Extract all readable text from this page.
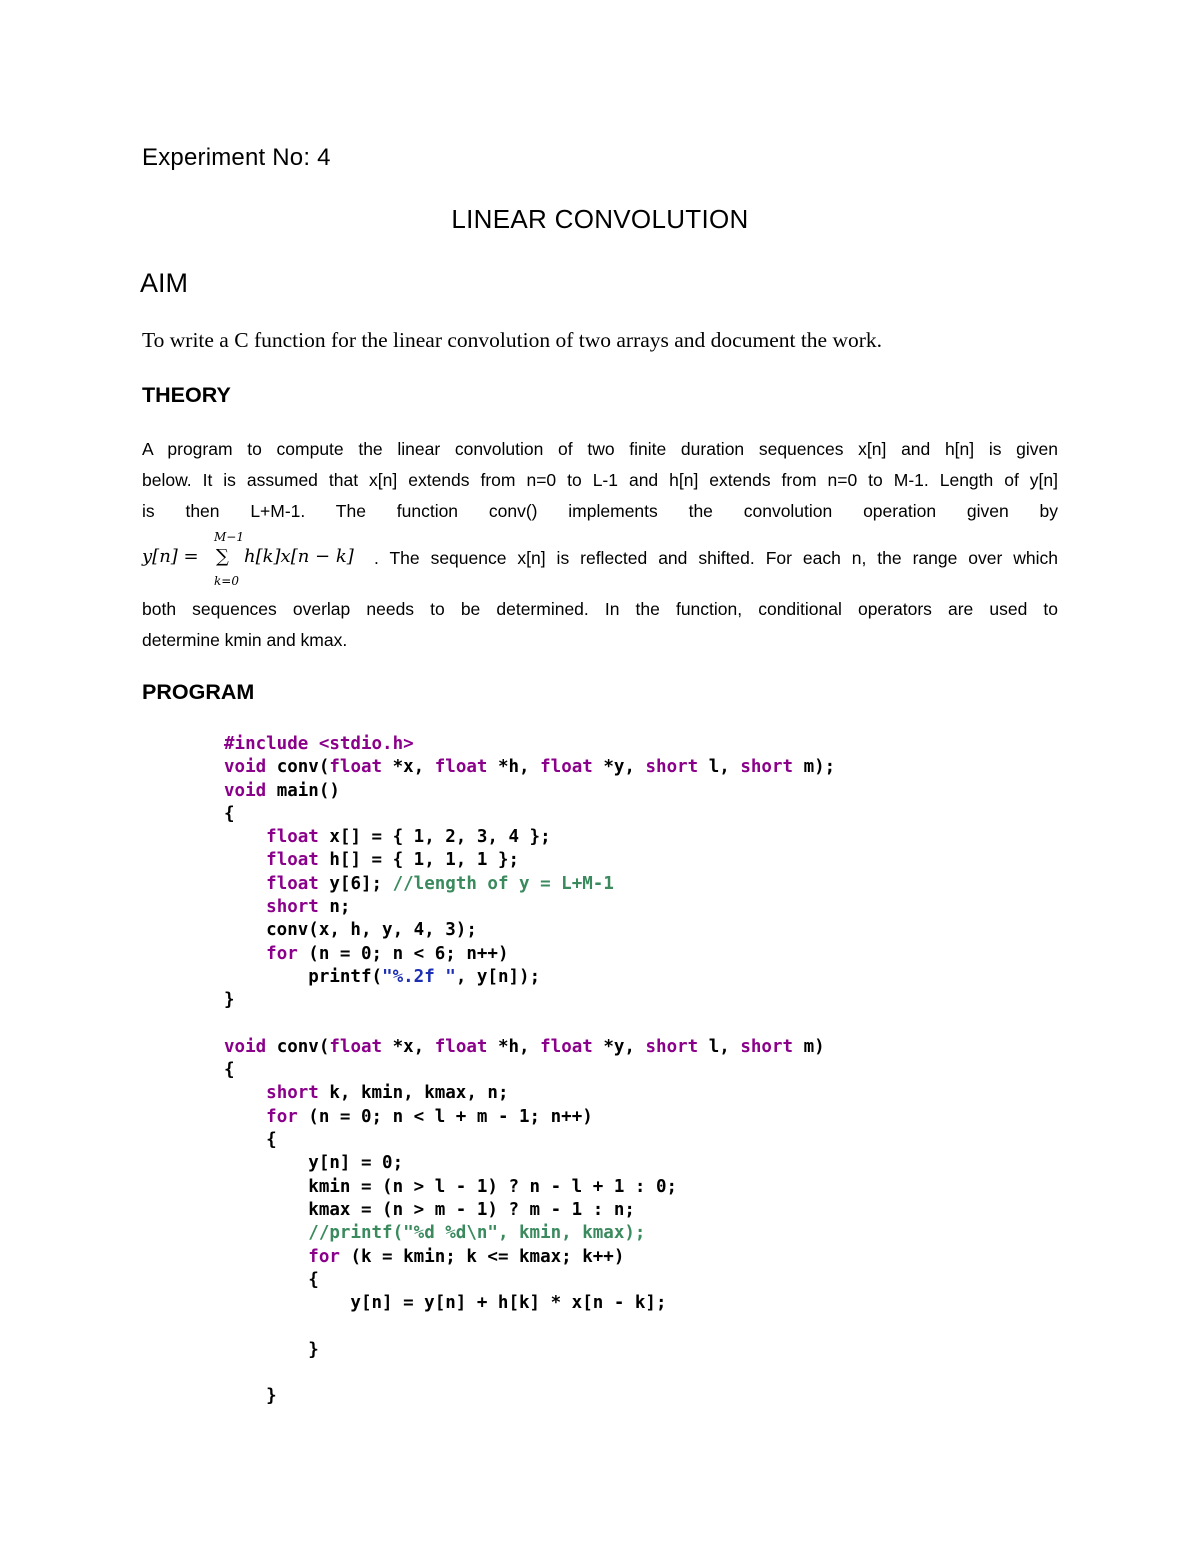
Experiment No: 4
LINEAR CONVOLUTION
AIM
To write a C function for the linear convolution of two arrays and document the work.
THEORY
A program to compute the linear convolution of two finite duration sequences x[n] and h[n] is given
below. It is assumed that x[n] extends from n=0 to L-1 and h[n] extends from n=0 to M-1. Length of y[n]
is then L+M-1. The function conv() implements the convolution operation given by
y[n] =
M−1
∑
k=0
h[k]x[n − k] . The sequence x[n] is reflected and shifted. For each n, the range over which
both sequences overlap needs to be determined. In the function, conditional operators are used to
determine kmin and kmax.
PROGRAM
#include <stdio.h>
void conv(float *x, float *h, float *y, short l, short m);
void main()
{
float x[] = { 1, 2, 3, 4 };
float h[] = { 1, 1, 1 };
float y[6]; //length of y = L+M-1
short n;
conv(x, h, y, 4, 3);
for (n = 0; n < 6; n++)
printf("%.2f ", y[n]);
}
void conv(float *x, float *h, float *y, short l, short m)
{
short k, kmin, kmax, n;
for (n = 0; n < l + m - 1; n++)
{
y[n] = 0;
kmin = (n > l - 1) ? n - l + 1 : 0;
kmax = (n > m - 1) ? m - 1 : n;
//printf("%d %d\n", kmin, kmax);
for (k = kmin; k <= kmax; k++)
{
y[n] = y[n] + h[k] * x[n - k];
}
}
